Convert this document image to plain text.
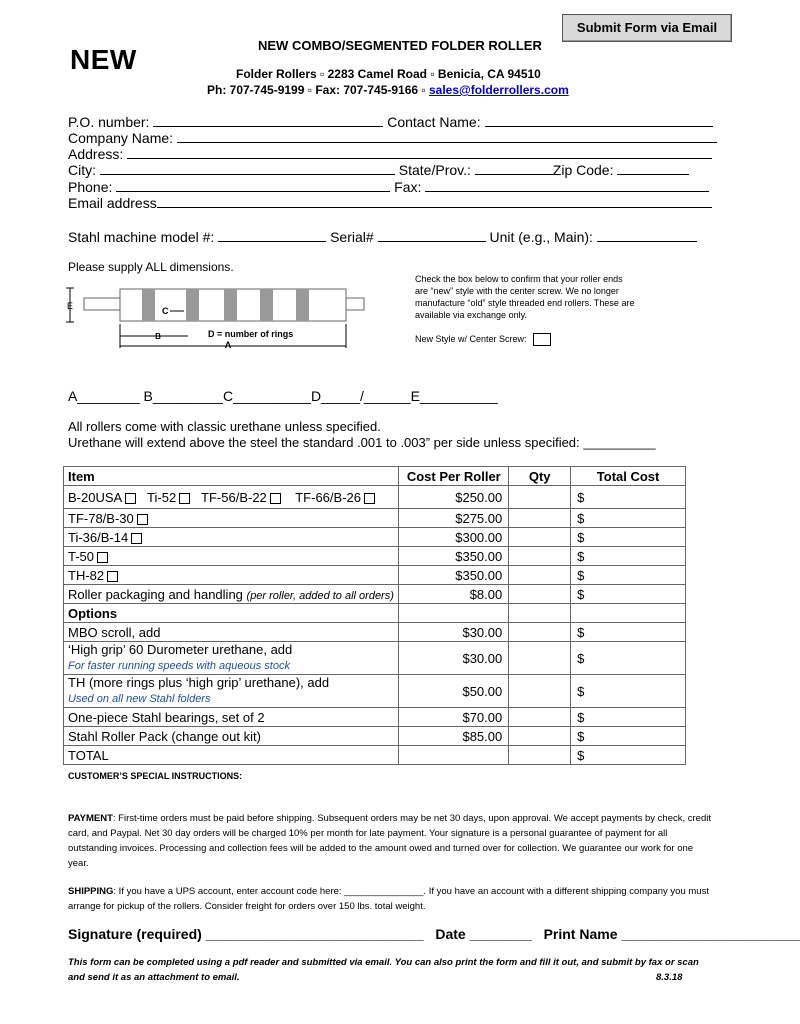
Submit Form via Email
NEW	NEW COMBO/SEGMENTED FOLDER ROLLER
Folder Rollers ▫ 2283 Camel Road ▫ Benicia, CA 94510
Ph: 707-745-9199 ▫ Fax: 707-745-9166 ▫ sales@folderrollers.com
P.O. number:	Contact Name:
Company Name:
Address:
City:	State/Prov.:	Zip Code:
Phone:	Fax:
Email address
Stahl machine model #:	Serial#	Unit (e.g., Main):
Please supply ALL dimensions.
E	C
B	D = number of rings
A
Check the box below to confirm that your roller ends are “new” style with the center screw. We no longer manufacture “old” style threaded end rollers. These are available via exchange only.
New Style w/ Center Screw:
A________ B_________C__________D_____/______E__________
All rollers come with classic urethane unless specified.
Urethane will extend above the steel the standard .001 to .003” per side unless specified: __________
Item	Cost Per Roller	Qty	Total Cost
B-20USA Ti-52 TF-56/B-22 TF-66/B-26	$250.00		$
TF-78/B-30	$275.00		$
Ti-36/B-14	$300.00		$
T-50	$350.00		$
TH-82	$350.00		$
Roller packaging and handling (per roller, added to all orders)	$8.00		$
Options			
MBO scroll, add	$30.00		$
‘High grip’ 60 Durometer urethane, add
For faster running speeds with aqueous stock	$30.00		$
TH (more rings plus ‘high grip’ urethane), add
Used on all new Stahl folders	$50.00		$
One-piece Stahl bearings, set of 2	$70.00		$
Stahl Roller Pack (change out kit)	$85.00		$
TOTAL			$
CUSTOMER’S SPECIAL INSTRUCTIONS:
PAYMENT: First-time orders must be paid before shipping. Subsequent orders may be net 30 days, upon approval. We accept payments by check, credit card, and Paypal. Net 30 day orders will be charged 10% per month for late payment. Your signature is a personal guarantee of payment for all outstanding invoices. Processing and collection fees will be added to the amount owed and turned over for collection. We guarantee our work for one year.
SHIPPING: If you have a UPS account, enter account code here: _______________. If you have an account with a different shipping company you must arrange for pickup of the rollers. Consider freight for orders over 150 lbs. total weight.
Signature (required) ____________________________ Date ________ Print Name _______________________
This form can be completed using a pdf reader and submitted via email. You can also print the form and fill it out, and submit by fax or scan
and send it as an attachment to email.	8.3.18
